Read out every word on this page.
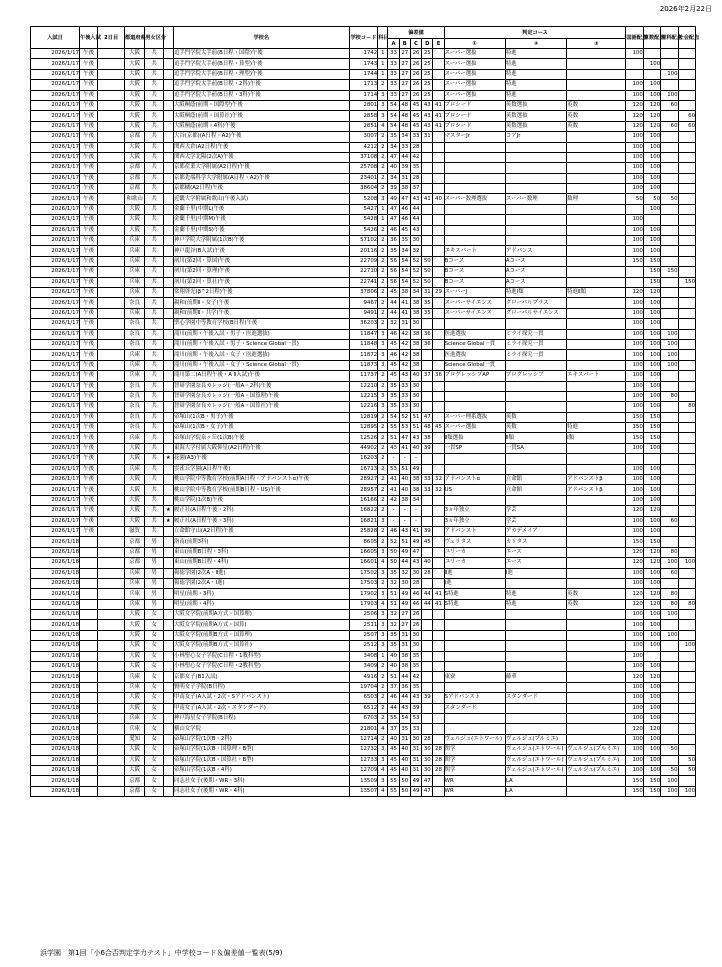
2026年2月22日
入試日	午後入試	2日目	都道府県	男女区分		学校名	学校コード	科目	偏差値					判定コース			国語配点	算数配点	理科配点	社会配点
									A	B	C	D	E	①	②	③				
2026/1/17	午後		大阪	共		追手門学院大手前(B日程・国際)午後	1742	1	33	27	26	25		スーパー選抜	特進		100			
2026/1/17	午後		大阪	共		追手門学院大手前(B日程・算型)午後	1743	1	33	27	26	25		スーパー選抜	特進			100		
2026/1/17	午後		大阪	共		追手門学院大手前(B日程・理型)午後	1744	1	33	27	26	25		スーパー選抜	特進				100	
2026/1/17	午後		大阪	共		追手門学院大手前(B日程・2科)午後	1713	2	33	27	26	25		スーパー選抜	特進		100	100		
2026/1/17	午後		大阪	共		追手門学院大手前(B日程・3科)午後	1714	3	33	27	26	25		スーパー選抜	特進		100	100	100	
2026/1/17	午後		大阪	共		大阪桐蔭(前期・国際型)午後	2801	3	54	48	45	43	41	プロシード	英数選抜	英数	120	120	60	
2026/1/17	午後		大阪	共		大阪桐蔭(前期・国算社)午後	2858	3	54	48	45	43	41	プロシード	英数選抜	英数	120	120		60
2026/1/17	午後		大阪	共		大阪桐蔭(前期・4科)午後	2851	4	54	48	45	43	41	プロシード	英数選抜	英数	120	120	60	60
2026/1/17	午後		京都	共		大谷(京都)(A日程・A2)午後	3007	2	35	34	33	31		マスターJr	コアJr		100	100		
2026/1/17	午後		大阪	共		関西大倉(A2日程)午後	4212	2	34	33	28						100	100		
2026/1/17	午後		大阪	共		関西大学北陽(2次A)午後	37108	2	47	44	42						100	100		
2026/1/17	午後		京都	共		京都産業大学附属(A2日程)午後	25708	2	40	39	35						100	100		
2026/1/17	午後		京都	共		京都先端科学大学附属(A日程・A2)午後	23401	2	34	31	28						100	100		
2026/1/17	午後		京都	共		京都橘(A2日程)午後	38604	2	39	38	37						100	100		
2026/1/17	午後		和歌山	共		近畿大学附属和歌山(午後入試)	5208	3	49	47	43	41	40	スーパー数理選抜	スーパー数理	数理	50	50	50	
2026/1/17	午後		大阪	共		金蘭千里(中期L)午後	5427	1	47	46	44							100		
2026/1/17	午後		大阪	共		金蘭千里(中期M)午後	5428	1	47	46	44						100			
2026/1/17	午後		大阪	共		金蘭千里(中期S)午後	5426	2	46	45	43						100	100		
2026/1/17	午後		兵庫	共		神戸学院大学附属(1次B)午後	57102	2	36	35	30						100	100		
2026/1/17	午後		兵庫	共		神戸龍谷(B入試)午後	20116	2	35	34	32			エキスパート	アドバンス		100	100		
2026/1/17	午後		兵庫	共		夙川(第2回・算国)午後	22709	2	56	54	52	50		Bコース	Aコース		150	150		
2026/1/17	午後		兵庫	共		夙川(第2回・算理)午後	22710	2	56	54	52	50		Bコース	Aコース			150	150	
2026/1/17	午後		兵庫	共		夙川(第2回・算社)午後	22741	2	56	54	52	50		Bコース	Aコース			150		150
2026/1/17	午後		兵庫	共		常翔啓光(β^2日程)午後	37806	2	45	38	34	31	29	スーパーJ	特進Ⅰ類	特進Ⅱ類	120	120		
2026/1/17	午後		奈良	共		親和(前期Ⅱ・女子)午後	9467	2	44	41	38	35		スーパーサイエンス	グローバルプラス		100	100		
2026/1/17	午後		兵庫	共		親和(前期Ⅱ・共学)午後	9491	2	44	41	38	35		スーパーサイエンス	グローバルサイエンス		100	100		
2026/1/17	午後		奈良	共		聖心学園中等教育学校(B日程)午後	36203	2	32	31	30						100	100		
2026/1/17	午後		奈良	共		滝川(前期・午後入試・男子・医進選抜)	11847	3	46	42	38	36		医進選抜	ミライ探究一貫		100	100	100	
2026/1/17	午後		奈良	共		滝川(前期・午後入試・男子・Science Global一貫)	11848	3	45	42	38	36		Science Global一貫	ミライ探究一貫		100	100	100	
2026/1/17	午後		兵庫	共		滝川(前期・午後入試・女子・医進選抜)	11872	3	46	42	38			医進選抜	ミライ探究一貫		100	100	100	
2026/1/17	午後		兵庫	共		滝川(前期・午後入試・女子・Science Global一貫)	11873	3	45	42	38			Science Global一貫			100	100	100	
2026/1/17	午後		兵庫	共		滝川第二(A日程午後・A Ⅱ入試)午後	11737	2	45	43	40	37	36	プログレッシブAP	プログレッシブ	エキスパート	100	100		
2026/1/17	午後		奈良	共		智辯学園奈良カレッジ(一般A・2科)午後	12210	2	35	33	30						100	100		
2026/1/17	午後		奈良	共		智辯学園奈良カレッジ(一般A・国算理)午後	12215	3	35	33	30						100	100	80	
2026/1/17	午後		奈良	共		智辯学園奈良カレッジ(一般A・国算社)午後	12216	3	35	33	30						100	100		80
2026/1/17	午後		奈良	共		帝塚山(1次B・男子)午後	12819	2	54	52	51	47		スーパー理系選抜	英数		150	150		
2026/1/17	午後		奈良	共		帝塚山(1次B・女子)午後	12895	2	55	53	51	48	45	スーパー選抜	英数	特進	150	150		
2026/1/17	午後		兵庫	共		帝塚山学院泉ヶ丘(1次B)午後	12526	2	51	47	43	38		Ⅱ類選抜	Ⅱ類	Ⅰ類	150	150		
2026/1/17	午後		大阪	共		東海大学付属大阪仰星(A2日程)午後	44902	2	43	41	40	39		一貫SP	一貫SA		100	100		
2026/1/17	午後		大阪	共	★	花園(A3)午後	16203	2	-	-	-									
2026/1/17	午後		兵庫	共		雲雀丘学園(A日程午後)	16713	2	53	51	49						100	100		
2026/1/17	午後		大阪	共		桃山学院中等教育学校(前期A日程・アドバンストα)午後	28927	2	41	40	38	33	32	アドバンストα	立命館	アドバンストβ	100	100		
2026/1/17	午後		大阪	共		桃山学院中等教育学校(前期B日程・US)午後	28957	2	41	40	38	33	32	US	立命館	アドバンストβ	100	100		
2026/1/17	午後		大阪	共		桃山学院(1次B)午後	16166	2	42	38	34						100	100		
2026/1/17	午後		大阪	共	★	履正社(A日程午後・2科)	16822	2	-	-	-			3ヵ年独立	学芸		120	120		
2026/1/17	午後		大阪	共	★	履正社(A日程午後・3科)	16821	3	-	-	-			3ヵ年独立	学芸		100	100	60	
2026/1/17	午後		滋賀	共		立命館守山(A2日程)午後	25828	2	46	43	41	39		アドバンスト	アカデメイア		100	100		
2026/1/18			京都	男		洛南(前期3科)	8605	2	52	51	49	45		ヴェリタス	カリタス		150	150		
2026/1/18			京都	男		東山(前期B日程・3科)	16605	3	50	49	47			ユリーカ	エース		120	120	80	
2026/1/18			京都	男		東山(前期B日程・4科)	16601	4	50	44	43	40		ユリーカ	エース		120	120	100	100
2026/1/18			兵庫	男		報徳学園(2次A・Ⅱ進)	17502	3	35	32	30	28		Ⅱ進	Ⅰ進		100	100	60	
2026/1/18			兵庫	男		報徳学園(2次A・Ⅰ進)	17503	2	32	30	28			Ⅰ進			100	100		
2026/1/18			兵庫	男		明星(前期・3科)	17902	3	51	49	46	44	41	S特進	特進	英数	120	120	80	
2026/1/18			兵庫	男		明星(前期・4科)	17903	4	51	49	46	44	41	S特進	特進	英数	120	120	80	80
2026/1/18			大阪	女		大阪女学院(前期A方式・国算理)	2506	3	32	27	26						100	100	100	
2026/1/18			大阪	女		大阪女学院(前期A方式・国算)	2511	3	32	27	26						100	100		
2026/1/18			大阪	女		大阪女学院(前期B方式・国算理)	2507	3	35	31	30						100	100	100	
2026/1/18			大阪	女		大阪女学院(前期B方式・国算社)	2512	3	35	31	30						100	100		100
2026/1/18			大阪	女		小林聖心女子学院(C日程・1教科型)	3408	1	40	38	35						100			
2026/1/18			大阪	女		小林聖心女子学院(C日程・2教科型)	3409	2	40	38	35						100	100		
2026/1/18			兵庫	女		京都女子(B1入試)	4916	2	51	44	42			東寮	藤華		120	120		
2026/1/18			兵庫	女		賢明女子学院(B日程)	19704	2	37	36	35						100	100		
2026/1/18			大阪	女		甲南女子(A入試・2次・Sアドバンスト)	6503	2	46	44	43	39		Sアドバンスト	スタンダード		100	100		
2026/1/18			大阪	女		甲南女子(A入試・2次・スタンダード)	6512	2	44	43	39			スタンダード			100	100		
2026/1/18			兵庫	女		神戸海星女子学院(B日程)	6703	2	55	54	53						100	100		
2026/1/18			兵庫	女		横山女学院	21801	4	37	35	33						120	120		
2026/1/18			愛知	女		帝塚山学院(1次B・2科)	12714	2	40	31	30	28		ヴェルジュ(エトワール)	ヴェルジュ(プルミエ)		100	100		
2026/1/18			大阪	女		帝塚山学院(1次B・国算理・B型)	12732	3	45	40	31	30	28	関学	ヴェルジュ(エトワール)	ヴェルジュ(プルミエ)	100	100	50	
2026/1/18			大阪	女		帝塚山学院(1次B・国算社・B型)	12733	3	45	40	31	30	28	関学	ヴェルジュ(エトワール)	ヴェルジュ(プルミエ)	100	100		50
2026/1/18			大阪	女		帝塚山学院(1次B・4科)	12709	4	45	40	31	30	28	関学	ヴェルジュ(エトワール)	ヴェルジュ(プルミエ)	100	100	50	50
2026/1/18			京都	女		同志社女子(後期・WR・3科)	13509	3	55	50	49	47		WR	LA		150	150	100	
2026/1/18			京都	女		同志社女子(後期・WR・4科)	13507	4	55	50	49	47		WR	LA		150	150	100	100
浜学園　第1回「小6合否判定学力テスト」中学校コード＆偏差値一覧表(5/9)
